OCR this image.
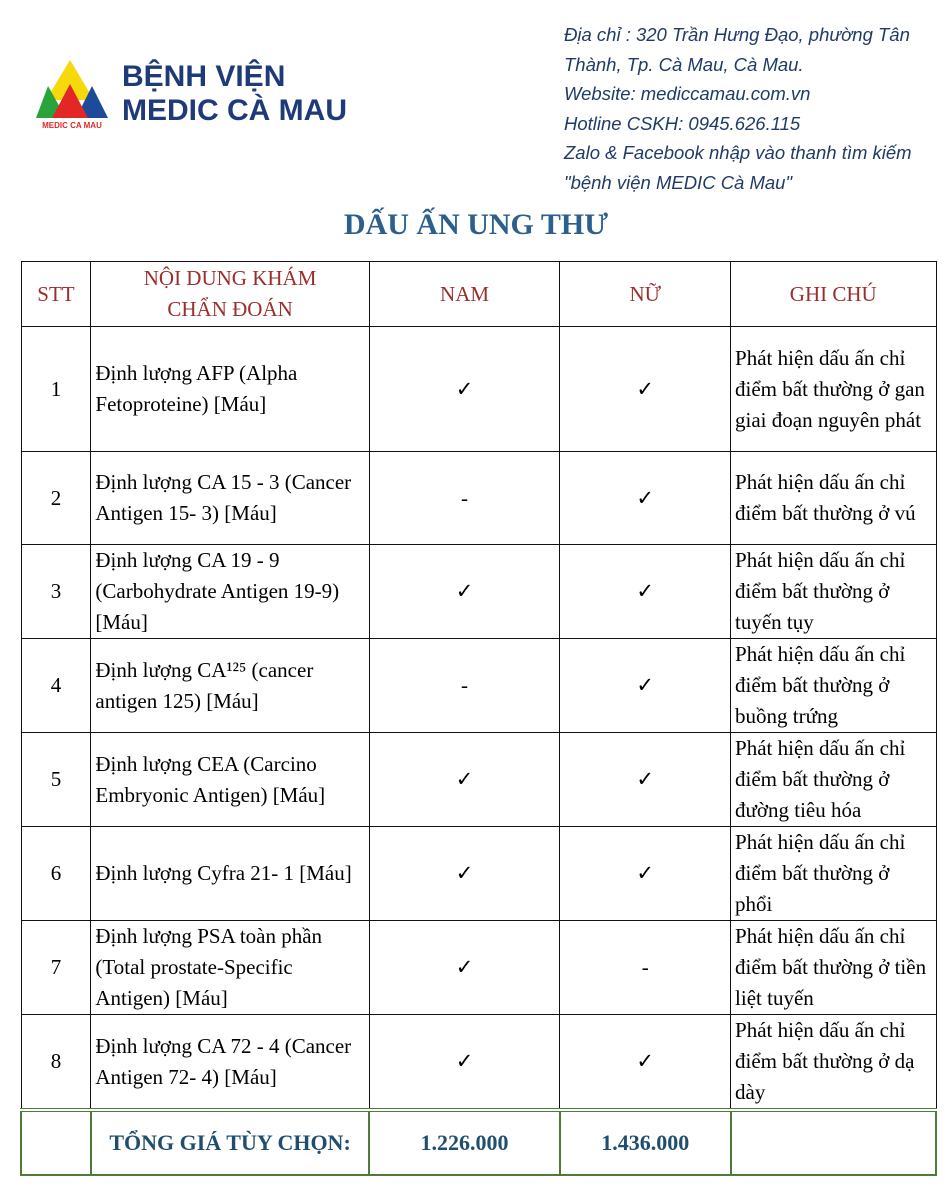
MEDIC CA MAU
BỆNH VIỆN
MEDIC CÀ MAU
Địa chỉ : 320 Trần Hưng Đạo, phường Tân Thành, Tp. Cà Mau, Cà Mau.
Website: mediccamau.com.vn
Hotline CSKH: 0945.626.115
Zalo & Facebook nhập vào thanh tìm kiếm "bệnh viện MEDIC Cà Mau"
DẤU ẤN UNG THƯ
STT	NỘI DUNG KHÁM CHẨN ĐOÁN	NAM	NỮ	GHI CHÚ
1	Định lượng AFP (Alpha Fetoproteine) [Máu]	✓	✓	Phát hiện dấu ấn chỉ điểm bất thường ở gan giai đoạn nguyên phát
2	Định lượng CA 15 - 3 (Cancer Antigen 15- 3) [Máu]	-	✓	Phát hiện dấu ấn chỉ điểm bất thường ở vú
3	Định lượng CA 19 - 9 (Carbohydrate Antigen 19-9) [Máu]	✓	✓	Phát hiện dấu ấn chỉ điểm bất thường ở tuyến tụy
4	Định lượng CA¹²⁵ (cancer antigen 125) [Máu]	-	✓	Phát hiện dấu ấn chỉ điểm bất thường ở buồng trứng
5	Định lượng CEA (Carcino Embryonic Antigen) [Máu]	✓	✓	Phát hiện dấu ấn chỉ điểm bất thường ở đường tiêu hóa
6	Định lượng Cyfra 21- 1 [Máu]	✓	✓	Phát hiện dấu ấn chỉ điểm bất thường ở phổi
7	Định lượng PSA toàn phần (Total prostate-Specific Antigen) [Máu]	✓	-	Phát hiện dấu ấn chỉ điểm bất thường ở tiền liệt tuyến
8	Định lượng CA 72 - 4 (Cancer Antigen 72- 4) [Máu]	✓	✓	Phát hiện dấu ấn chỉ điểm bất thường ở dạ dày
	TỔNG GIÁ TÙY CHỌN:	1.226.000	1.436.000	
